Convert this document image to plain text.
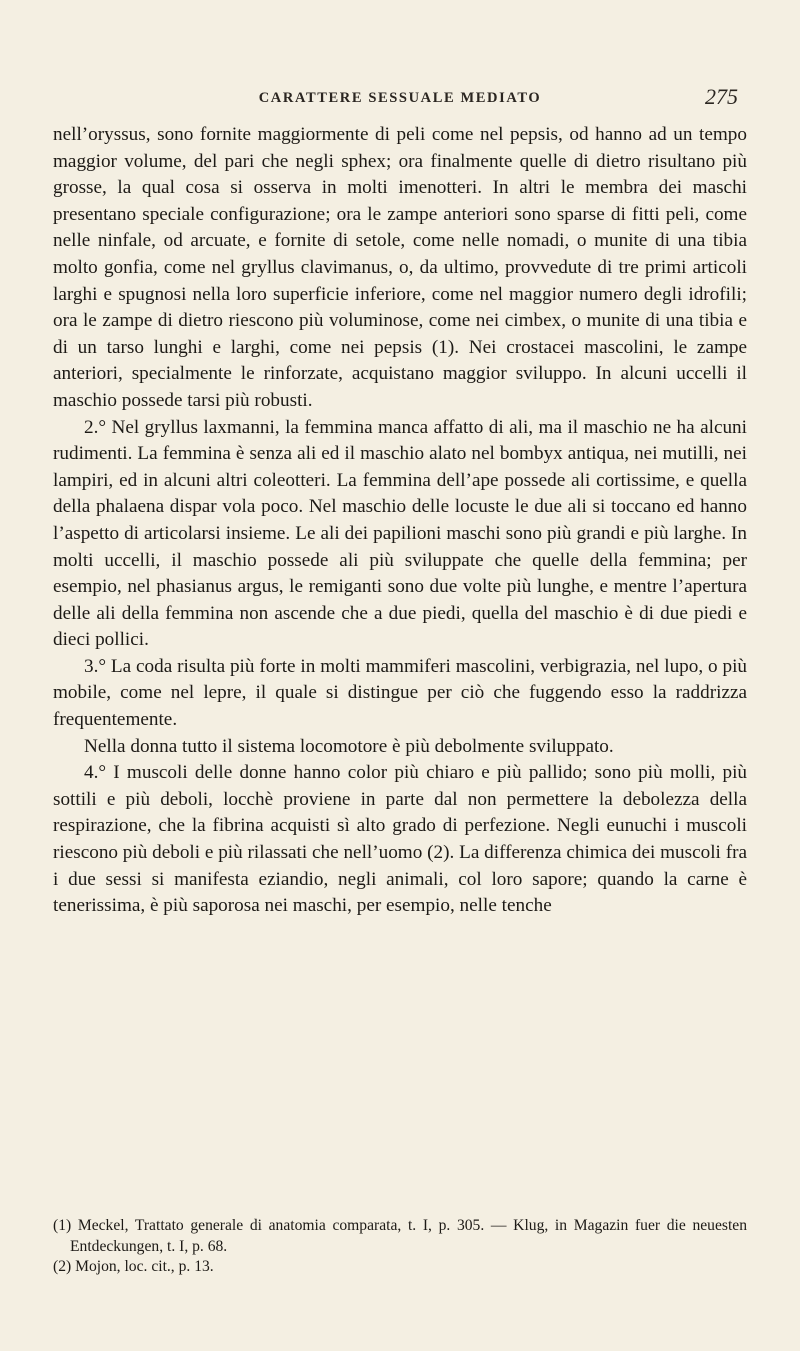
CARATTERE SESSUALE MEDIATO	275

nell’oryssus, sono fornite maggiormente di peli come nel pepsis, od hanno ad un tempo maggior volume, del pari che negli sphex; ora finalmente quelle di dietro risultano più grosse, la qual cosa si osserva in molti imenotteri. In altri le membra dei maschi presentano speciale configurazione; ora le zampe anteriori sono sparse di fitti peli, come nelle ninfale, od arcuate, e fornite di setole, come nelle nomadi, o munite di una tibia molto gonfia, come nel gryllus clavimanus, o, da ultimo, provvedute di tre primi articoli larghi e spugnosi nella loro superficie inferiore, come nel maggior numero degli idrofili; ora le zampe di dietro riescono più voluminose, come nei cimbex, o munite di una tibia e di un tarso lunghi e larghi, come nei pepsis (1). Nei crostacei mascolini, le zampe anteriori, specialmente le rinforzate, acquistano maggior sviluppo. In alcuni uccelli il maschio possede tarsi più robusti.

2.° Nel gryllus laxmanni, la femmina manca affatto di ali, ma il maschio ne ha alcuni rudimenti. La femmina è senza ali ed il maschio alato nel bombyx antiqua, nei mutilli, nei lampiri, ed in alcuni altri coleotteri. La femmina dell’ape possede ali cortissime, e quella della phalaena dispar vola poco. Nel maschio delle locuste le due ali si toccano ed hanno l’aspetto di articolarsi insieme. Le ali dei papilioni maschi sono più grandi e più larghe. In molti uccelli, il maschio possede ali più sviluppate che quelle della femmina; per esempio, nel phasianus argus, le remiganti sono due volte più lunghe, e mentre l’apertura delle ali della femmina non ascende che a due piedi, quella del maschio è di due piedi e dieci pollici.

3.° La coda risulta più forte in molti mammiferi mascolini, verbigrazia, nel lupo, o più mobile, come nel lepre, il quale si distingue per ciò che fuggendo esso la raddrizza frequentemente.

Nella donna tutto il sistema locomotore è più debolmente sviluppato.

4.° I muscoli delle donne hanno color più chiaro e più pallido; sono più molli, più sottili e più deboli, locchè proviene in parte dal non permettere la debolezza della respirazione, che la fibrina acquisti sì alto grado di perfezione. Negli eunuchi i muscoli riescono più deboli e più rilassati che nell’uomo (2). La differenza chimica dei muscoli fra i due sessi si manifesta eziandio, negli animali, col loro sapore; quando la carne è tenerissima, è più saporosa nei maschi, per esempio, nelle tenche

(1) Meckel, Trattato generale di anatomia comparata, t. I, p. 305. — Klug, in Magazin fuer die neuesten Entdeckungen, t. I, p. 68.

(2) Mojon, loc. cit., p. 13.
